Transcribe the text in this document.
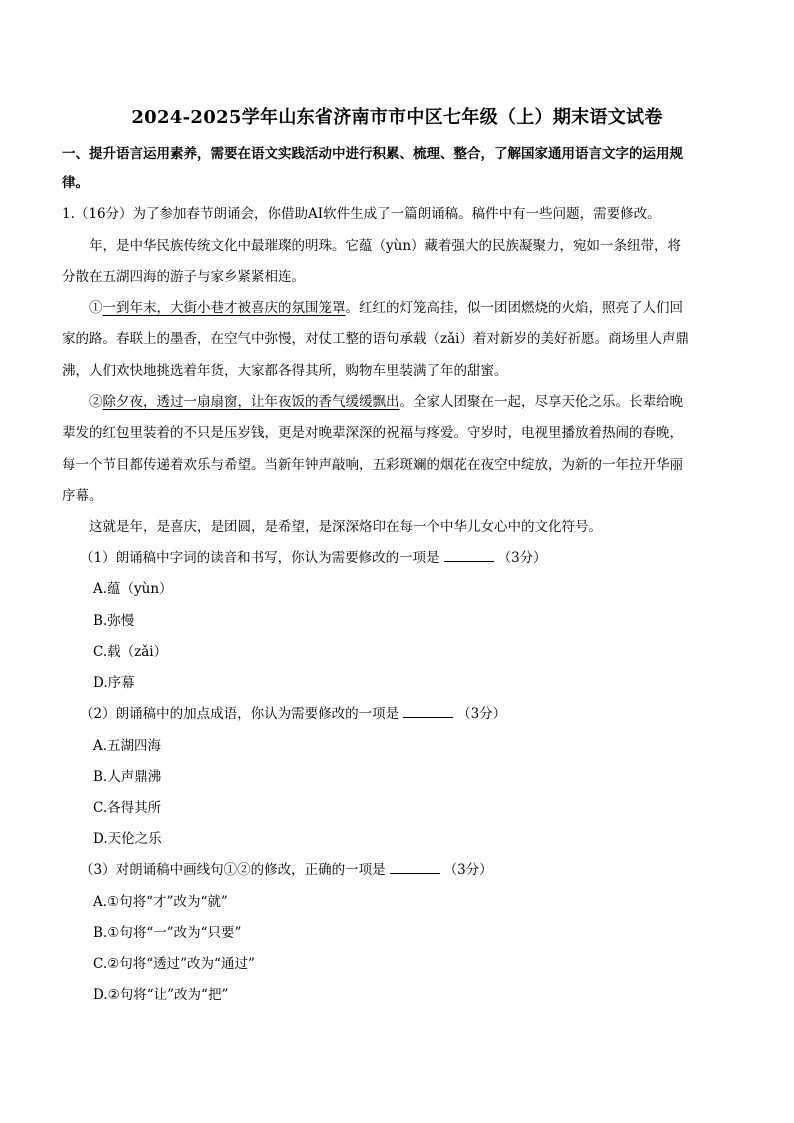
2024-2025学年山东省济南市市中区七年级（上）期末语文试卷
一、提升语言运用素养，需要在语文实践活动中进行积累、梳理、整合，了解国家通用语言文字的运用规
律。
1.（16分）为了参加春节朗诵会，你借助AI软件生成了一篇朗诵稿。稿件中有一些问题，需要修改。
年，是中华民族传统文化中最璀璨的明珠。它蕴（yùn）藏着强大的民族凝聚力，宛如一条纽带，将
分散在五湖四海的游子与家乡紧紧相连。
①一到年末，大街小巷才被喜庆的氛围笼罩。红红的灯笼高挂，似一团团燃烧的火焰，照亮了人们回
家的路。春联上的墨香，在空气中弥慢，对仗工整的语句承载（zǎi）着对新岁的美好祈愿。商场里人声鼎
沸，人们欢快地挑选着年货，大家都各得其所，购物车里装满了年的甜蜜。
②除夕夜，透过一扇扇窗，让年夜饭的香气缓缓飘出。全家人团聚在一起，尽享天伦之乐。长辈给晚
辈发的红包里装着的不只是压岁钱，更是对晚辈深深的祝福与疼爱。守岁时，电视里播放着热闹的春晚，
每一个节目都传递着欢乐与希望。当新年钟声敲响，五彩斑斓的烟花在夜空中绽放，为新的一年拉开华丽
序幕。
这就是年，是喜庆，是团圆，是希望，是深深烙印在每一个中华儿女心中的文化符号。
（1）朗诵稿中字词的读音和书写，你认为需要修改的一项是	（3分）
A.蕴（yùn）
B.弥慢
C.载（zǎi）
D.序幕
（2）朗诵稿中的加点成语，你认为需要修改的一项是	（3分）
A.五湖四海
B.人声鼎沸
C.各得其所
D.天伦之乐
（3）对朗诵稿中画线句①②的修改，正确的一项是	（3分）
A.①句将“才”改为“就”
B.①句将“一”改为“只要”
C.②句将“透过”改为“通过”
D.②句将“让”改为“把”
